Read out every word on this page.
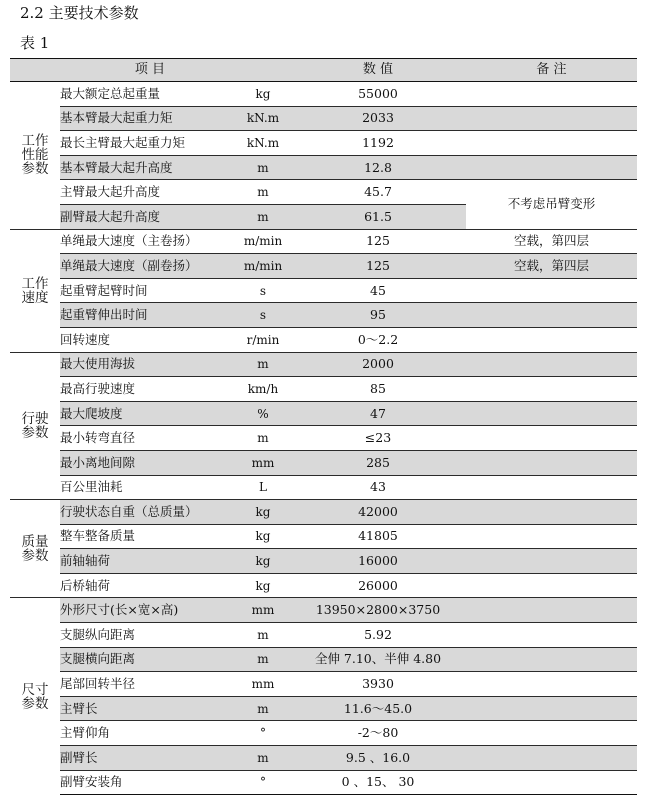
2.2 主要技术参数
表 1
项 目			数 值	备 注
工作
性能
参数	最大额定总起重量	kg	55000	
	基本臂最大起重力矩	kN.m	2033	
	最长主臂最大起重力矩	kN.m	1192	
	基本臂最大起升高度	m	12.8	
	主臂最大起升高度	m	45.7	不考虑吊臂变形
	副臂最大起升高度	m	61.5	
工作
速度	单绳最大速度（主卷扬）	m/min	125	空载，第四层
	单绳最大速度（副卷扬）	m/min	125	空载，第四层
	起重臂起臂时间	s	45	
	起重臂伸出时间	s	95	
	回转速度	r/min	0～2.2	
行驶
参数	最大使用海拔	m	2000	
	最高行驶速度	km/h	85	
	最大爬坡度	%	47	
	最小转弯直径	m	≤23	
	最小离地间隙	mm	285	
	百公里油耗	L	43	
质量
参数	行驶状态自重（总质量）	kg	42000	
	整车整备质量	kg	41805	
	前轴轴荷	kg	16000	
	后桥轴荷	kg	26000	
尺寸
参数	外形尺寸(长×宽×高)	mm	13950×2800×3750	
	支腿纵向距离	m	5.92	
	支腿横向距离	m	全伸 7.10、半伸 4.80	
	尾部回转半径	mm	3930	
	主臂长	m	11.6～45.0	
	主臂仰角	°	-2～80	
	副臂长	m	9.5 、16.0	
	副臂安装角	°	0 、15、 30	
